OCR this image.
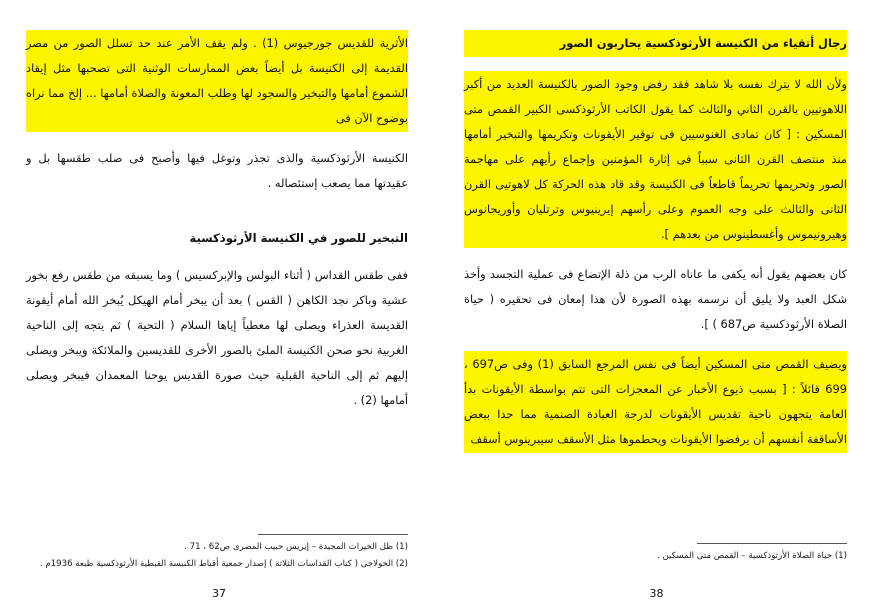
رجال أتقياء من الكنيسة الأرثوذكسية يحاربون الصور

ولأن الله لا يترك نفسه بلا شاهد فقد رفض وجود الصور بالكنيسة العديد من أكبر اللاهوتيين بالقرن الثاني والثالث كما يقول الكاتب الأرثوذكسى الكبير القمص متى المسكين : [ كان تمادى الغنوسيين فى توقير الأيقونات وتكريمها والتبخير أمامها منذ منتصف القرن الثانى سبباً فى إثارة المؤمنين وإجماع رأيهم على مهاجمة الصور وتحريمها تحريماً قاطعاً فى الكنيسة وقد قاد هذه الحركة كل لاهوتيى القرن الثانى والثالث على وجه العموم وعلى رأسهم إيرينيوس وترتليان وأوريجانوس وهيرونيموس وأغسطينوس من بعدهم ].

كان بعضهم يقول أنه يكفى ما عاناه الرب من ذلة الإتضاع فى عملية التجسد وأخذ شكل العبد ولا يليق أن نرسمه بهذه الصورة لأن هذا إمعان فى تحقيره ( حياة الصلاة الأرثوذكسية ص687 ) ].

ويضيف القمص متى المسكين أيضاً فى نفس المرجع السابق (1) وفى ص697 ، 699 قائلاً : [ بسبب ذيوع الأخبار عن المعجزات التى تتم بواسطة الأيقونات بدأ العامة يتجهون ناحية تقديس الأيقونات لدرجة العبادة الصنمية مما حدا ببعض الأساقفة أنفسهم أن يرفضوا الأيقونات ويحطموها مثل الأسقف سيبرينوس أسقف

(1) حياة الصلاة الأرثوذكسية – القمص متى المسكين .
38

الأثرية للقديس جورجيوس (1) . ولم يقف الأمر عند حد تسلل الصور من مصر القديمة إلى الكنيسة بل أيضاً بعض الممارسات الوثنية التى تصحبها مثل إيقاد الشموع أمامها والتبخير والسجود لها وطلب المعونة والصلاة أمامها ... إلخ مما نراه بوضوح الآن فى

الكنيسة الأرثوذكسية والذى تجذر وتوغل فيها وأصبح فى صلب طقسها بل و عقيدتها مما يصعب إستئصاله .

التبخير للصور في الكنيسة الأرثوذكسية

ففى طقس القداس ( أثناء البولس والإبركسيس ) وما يسبقه من طقس رفع بخور عشية وباكر نجد الكاهن ( القس ) بعد أن يبخر أمام الهيكل يُبخر الله أمام أيقونة القديسة العذراء ويصلى لها معطياً إياها السلام ( التحية ) ثم يتجه إلى الناحية الغربية نحو صحن الكنيسة الملئ بالصور الأخرى للقديسين والملائكة ويبخر ويصلى إليهم ثم إلى الناحية القبلية حيث صورة القديس يوحنا المعمدان فيبخر ويصلى أمامها (2) .

(1) ظل الخيرات المجيدة – إيريس حبيب المصرى ص62 ، 71 .
(2) الخولاجى ( كتاب القداسات الثلاثة ) إصدار جمعية أقباط الكنيسة القبطية الأرثوذكسية طبعة 1936م .
37
